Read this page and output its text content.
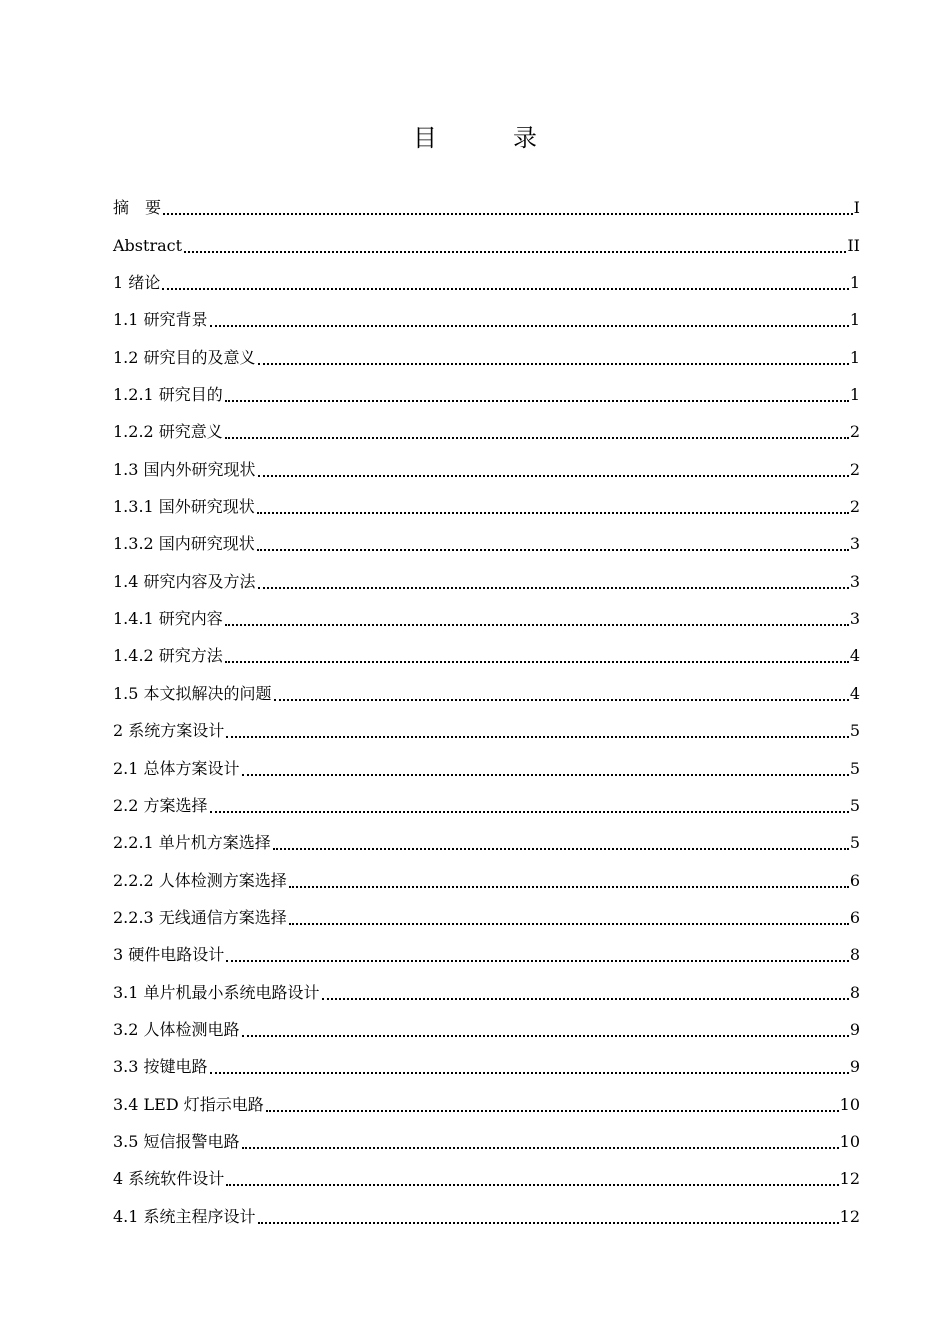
目　录
摘　要	I
Abstract	II
1 绪论	1
1.1 研究背景	1
1.2 研究目的及意义	1
1.2.1 研究目的	1
1.2.2 研究意义	2
1.3 国内外研究现状	2
1.3.1 国外研究现状	2
1.3.2 国内研究现状	3
1.4 研究内容及方法	3
1.4.1 研究内容	3
1.4.2 研究方法	4
1.5 本文拟解决的问题	4
2 系统方案设计	5
2.1 总体方案设计	5
2.2 方案选择	5
2.2.1 单片机方案选择	5
2.2.2 人体检测方案选择	6
2.2.3 无线通信方案选择	6
3 硬件电路设计	8
3.1 单片机最小系统电路设计	8
3.2 人体检测电路	9
3.3 按键电路	9
3.4 LED 灯指示电路	10
3.5 短信报警电路	10
4 系统软件设计	12
4.1 系统主程序设计	12
